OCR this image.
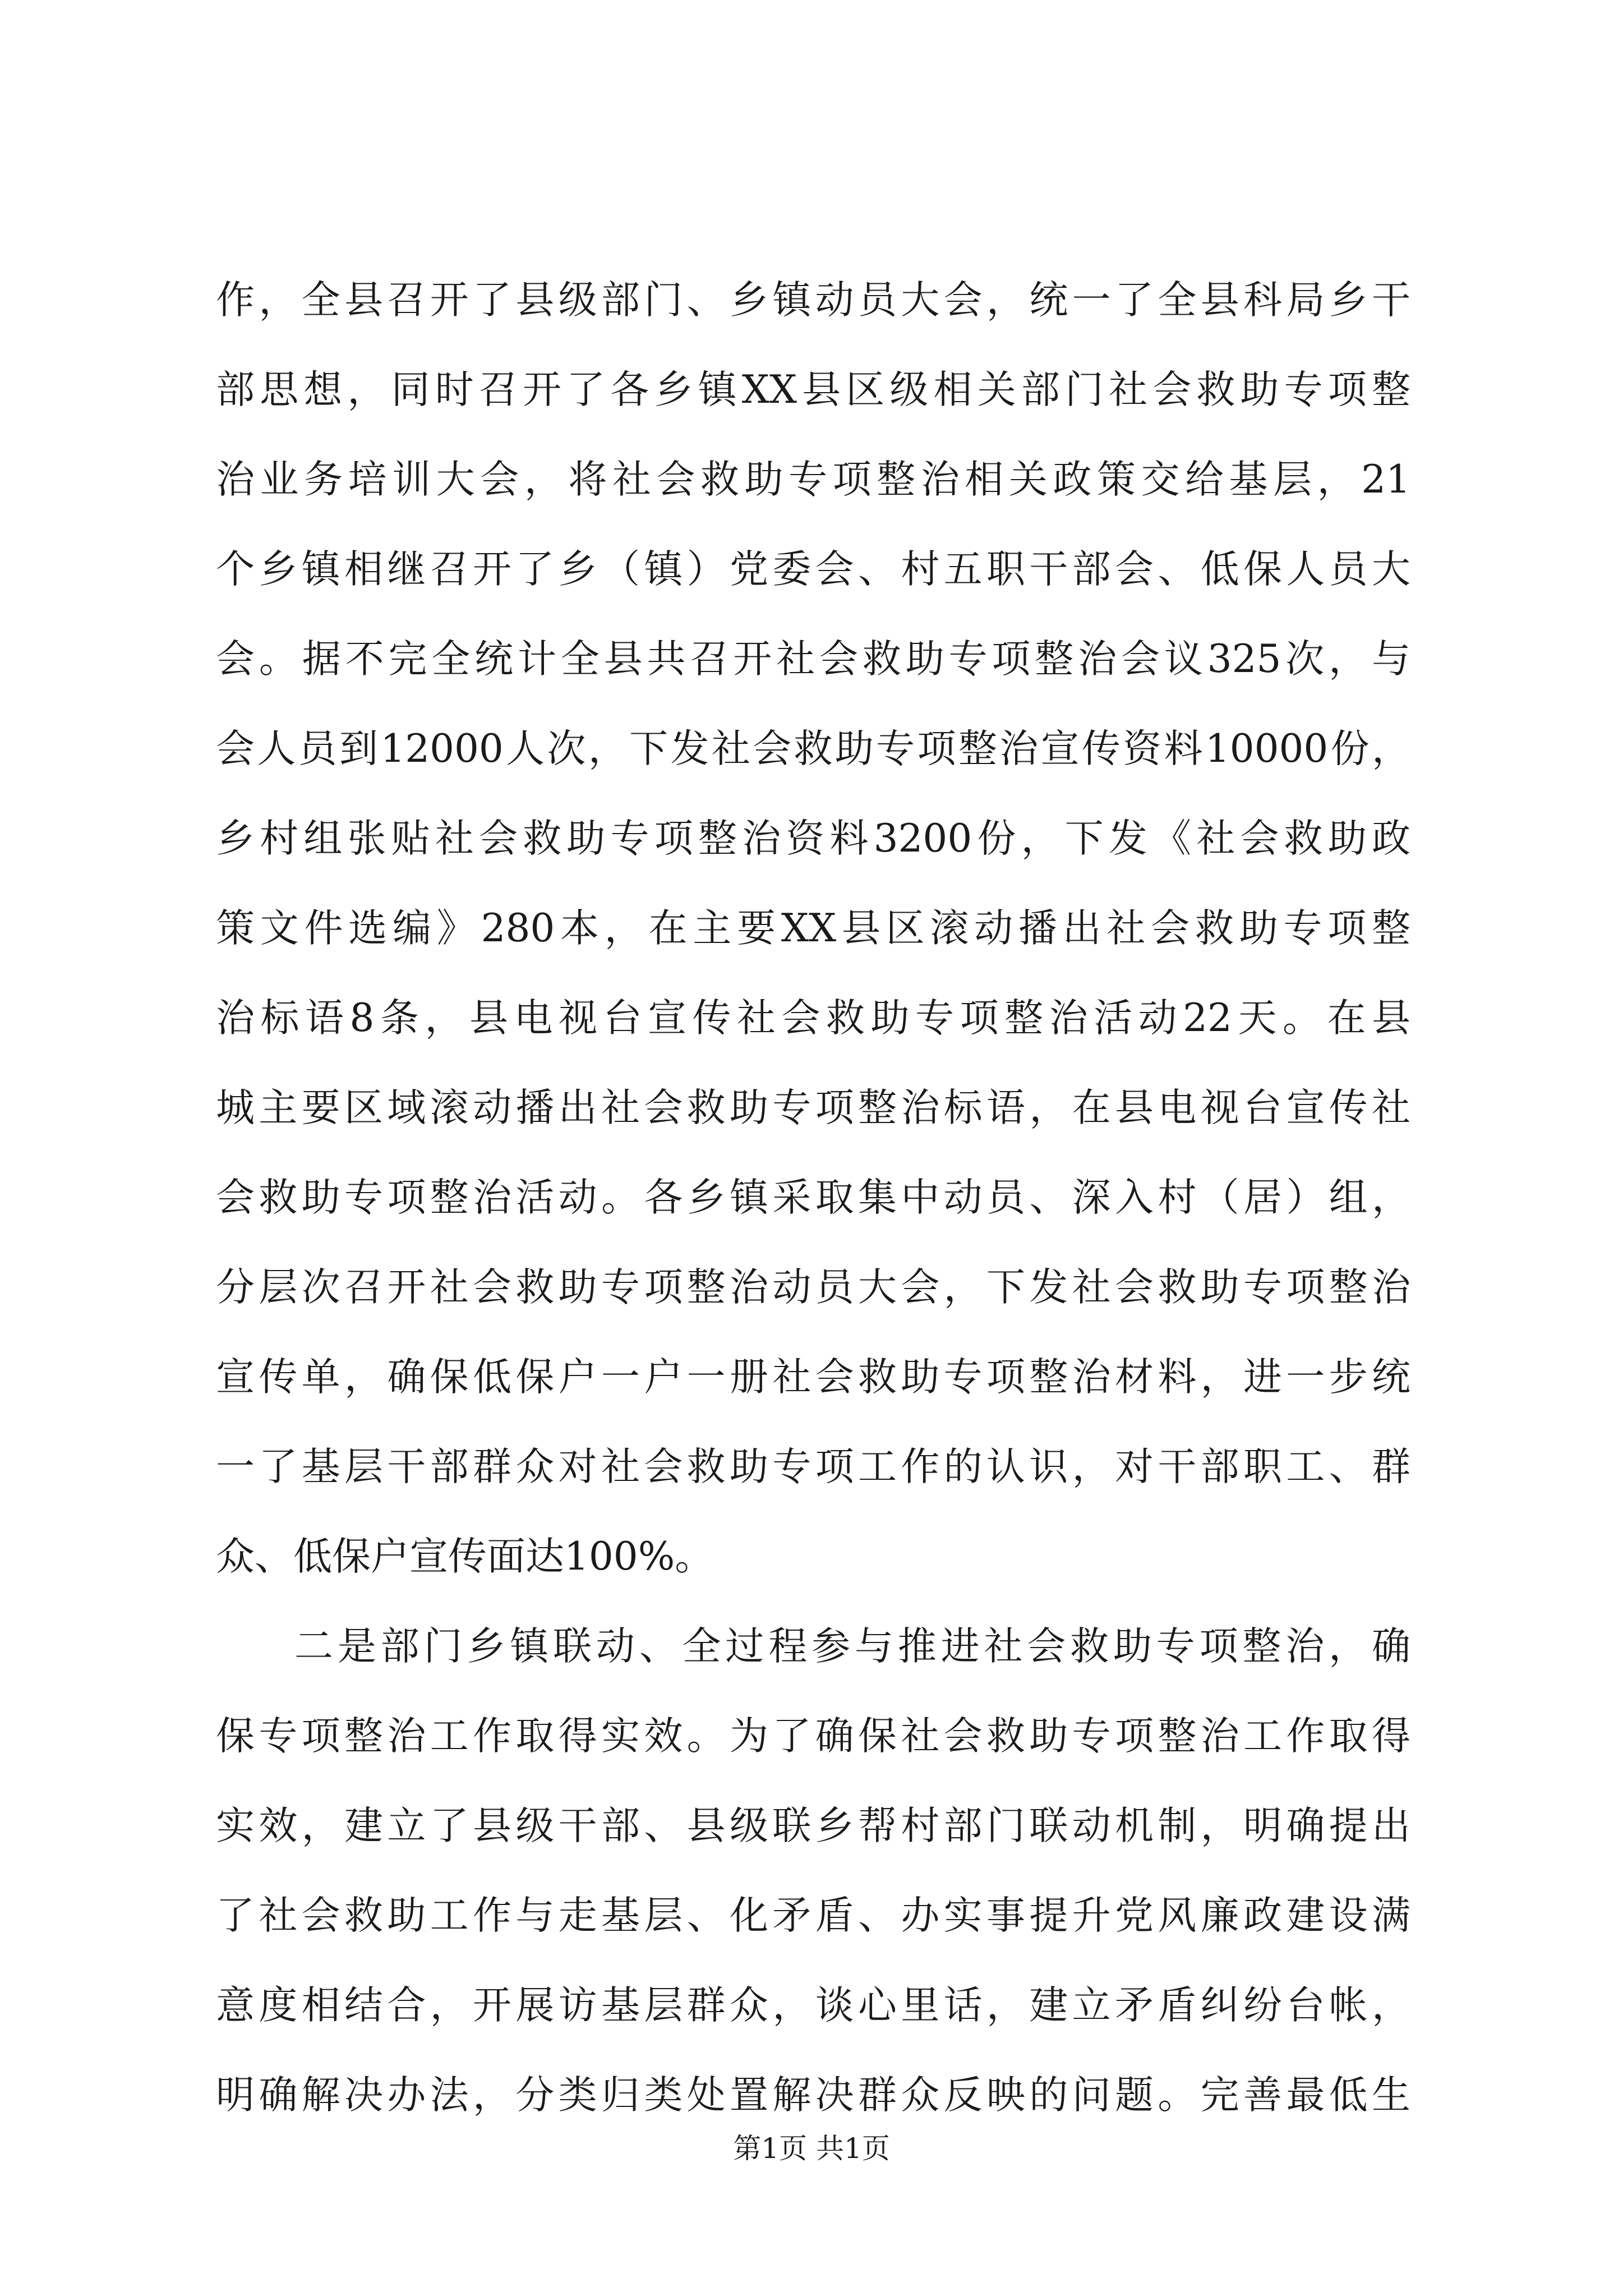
作，全县召开了县级部门、乡镇动员大会，统一了全县科局乡干
部思想，同时召开了各乡镇XX县区级相关部门社会救助专项整
治业务培训大会，将社会救助专项整治相关政策交给基层，21
个乡镇相继召开了乡（镇）党委会、村五职干部会、低保人员大
会。据不完全统计全县共召开社会救助专项整治会议325次，与
会人员到12000人次，下发社会救助专项整治宣传资料10000份，
乡村组张贴社会救助专项整治资料3200份，下发《社会救助政
策文件选编》280本，在主要XX县区滚动播出社会救助专项整
治标语8条，县电视台宣传社会救助专项整治活动22天。在县
城主要区域滚动播出社会救助专项整治标语，在县电视台宣传社
会救助专项整治活动。各乡镇采取集中动员、深入村（居）组，
分层次召开社会救助专项整治动员大会，下发社会救助专项整治
宣传单，确保低保户一户一册社会救助专项整治材料，进一步统
一了基层干部群众对社会救助专项工作的认识，对干部职工、群
众、低保户宣传面达100%。
二是部门乡镇联动、全过程参与推进社会救助专项整治，确
保专项整治工作取得实效。为了确保社会救助专项整治工作取得
实效，建立了县级干部、县级联乡帮村部门联动机制，明确提出
了社会救助工作与走基层、化矛盾、办实事提升党风廉政建设满
意度相结合，开展访基层群众，谈心里话，建立矛盾纠纷台帐，
明确解决办法，分类归类处置解决群众反映的问题。完善最低生
第1页 共1页
